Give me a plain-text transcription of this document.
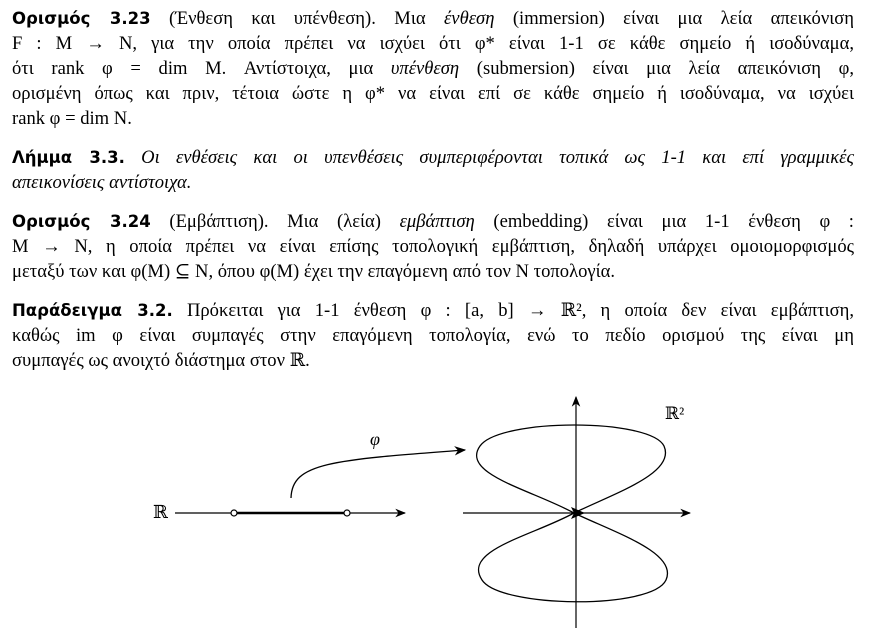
Ορισμός 3.23 (Ένθεση και υπένθεση). Μια ένθεση (immersion) είναι μια λεία απεικόνιση
F : M → N, για την οποία πρέπει να ισχύει ότι φ* είναι 1-1 σε κάθε σημείο ή ισοδύναμα,
ότι rank φ = dim M. Αντίστοιχα, μια υπένθεση (submersion) είναι μια λεία απεικόνιση φ,
ορισμένη όπως και πριν, τέτοια ώστε η φ* να είναι επί σε κάθε σημείο ή ισοδύναμα, να ισχύει
rank φ = dim N.

Λήμμα 3.3. Οι ενθέσεις και οι υπενθέσεις συμπεριφέρονται τοπικά ως 1-1 και επί γραμμικές
απεικονίσεις αντίστοιχα.

Ορισμός 3.24 (Εμβάπτιση). Μια (λεία) εμβάπτιση (embedding) είναι μια 1-1 ένθεση φ :
M → N, η οποία πρέπει να είναι επίσης τοπολογική εμβάπτιση, δηλαδή υπάρχει ομοιομορφισμός
μεταξύ των και φ(M) ⊆ N, όπου φ(M) έχει την επαγόμενη από τον N τοπολογία.

Παράδειγμα 3.2. Πρόκειται για 1-1 ένθεση φ : [a, b] → ℝ², η οποία δεν είναι εμβάπτιση,
καθώς im φ είναι συμπαγές στην επαγόμενη τοπολογία, ενώ το πεδίο ορισμού της είναι μη
συμπαγές ως ανοιχτό διάστημα στον ℝ.

ℝ
φ
ℝ²
